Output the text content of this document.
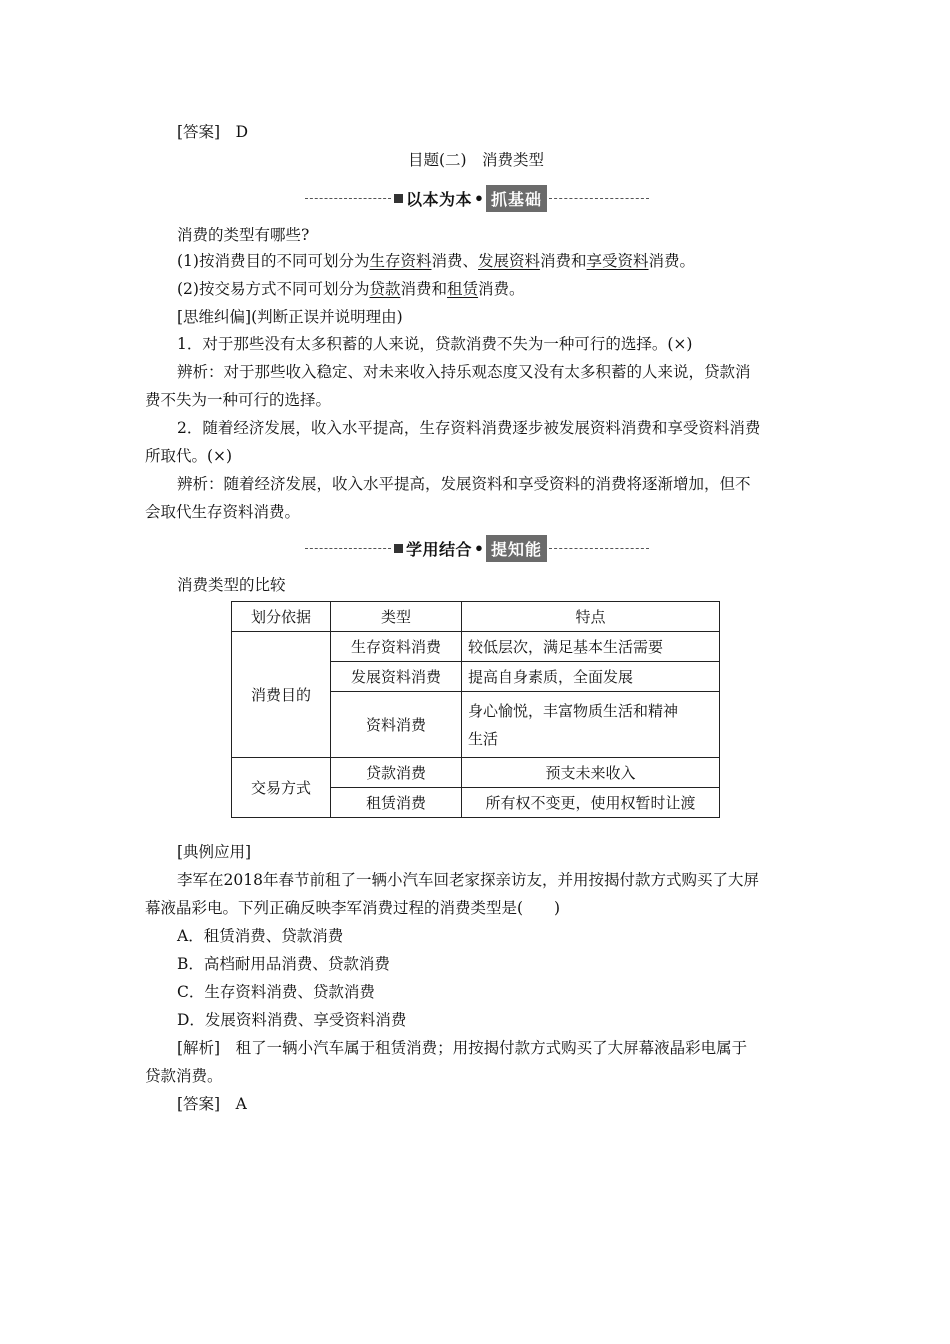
[答案]　D
目题(二)　消费类型
以本为本 • 抓基础
消费的类型有哪些?
(1)按消费目的不同可划分为生存资料消费、发展资料消费和享受资料消费。
(2)按交易方式不同可划分为贷款消费和租赁消费。
[思维纠偏](判断正误并说明理由)
1．对于那些没有太多积蓄的人来说，贷款消费不失为一种可行的选择。(×)
辨析：对于那些收入稳定、对未来收入持乐观态度又没有太多积蓄的人来说，贷款消
费不失为一种可行的选择。
2．随着经济发展，收入水平提高，生存资料消费逐步被发展资料消费和享受资料消费
所取代。(×)
辨析：随着经济发展，收入水平提高，发展资料和享受资料的消费将逐渐增加，但不
会取代生存资料消费。
学用结合 • 提知能
消费类型的比较
划分依据	类型	特点
消费目的	生存资料消费	较低层次，满足基本生活需要
	发展资料消费	提高自身素质，全面发展
	资料消费	身心愉悦，丰富物质生活和精神
生活

交易方式	贷款消费	预支未来收入
	租赁消费	所有权不变更，使用权暂时让渡
[典例应用]
李军在2018年春节前租了一辆小汽车回老家探亲访友，并用按揭付款方式购买了大屏
幕液晶彩电。下列正确反映李军消费过程的消费类型是(　　)
A．租赁消费、贷款消费
B．高档耐用品消费、贷款消费
C．生存资料消费、贷款消费
D．发展资料消费、享受资料消费
[解析]　租了一辆小汽车属于租赁消费；用按揭付款方式购买了大屏幕液晶彩电属于
贷款消费。
[答案]　A
